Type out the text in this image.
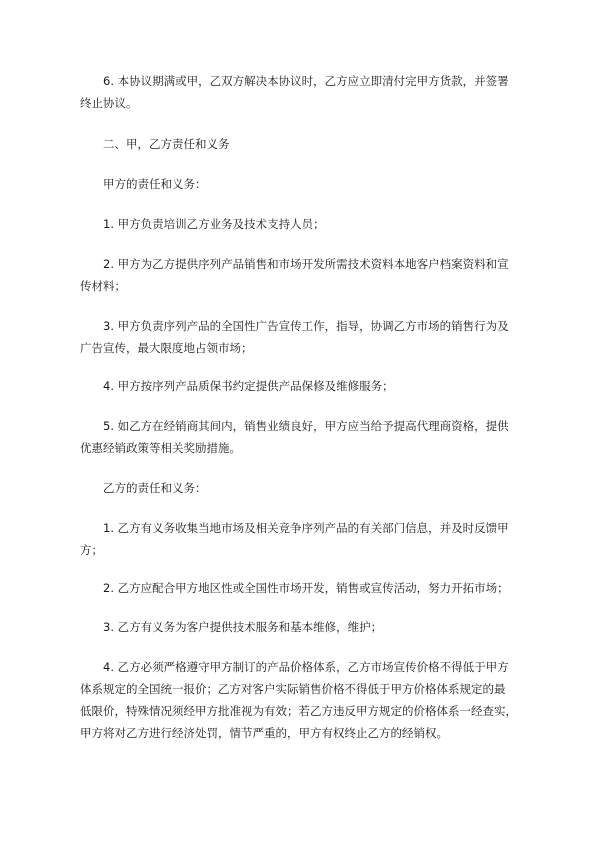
6. 本协议期满或甲，乙双方解决本协议时，乙方应立即清付完甲方货款，并签署
终止协议。
二、甲，乙方责任和义务
甲方的责任和义务：
1. 甲方负责培训乙方业务及技术支持人员；
2. 甲方为乙方提供序列产品销售和市场开发所需技术资料本地客户档案资料和宣
传材料；
3. 甲方负责序列产品的全国性广告宣传工作，指导，协调乙方市场的销售行为及
广告宣传，最大限度地占领市场；
4. 甲方按序列产品质保书约定提供产品保修及维修服务；
5. 如乙方在经销商其间内，销售业绩良好，甲方应当给予提高代理商资格，提供
优惠经销政策等相关奖励措施。
乙方的责任和义务：
1. 乙方有义务收集当地市场及相关竞争序列产品的有关部门信息，并及时反馈甲
方；
2. 乙方应配合甲方地区性或全国性市场开发，销售或宣传活动，努力开拓市场；
3. 乙方有义务为客户提供技术服务和基本维修，维护；
4. 乙方必须严格遵守甲方制订的产品价格体系，乙方市场宣传价格不得低于甲方
体系规定的全国统一报价；乙方对客户实际销售价格不得低于甲方价格体系规定的最
低限价，特殊情况须经甲方批准视为有效；若乙方违反甲方规定的价格体系一经查实，
甲方将对乙方进行经济处罚，情节严重的，甲方有权终止乙方的经销权。
